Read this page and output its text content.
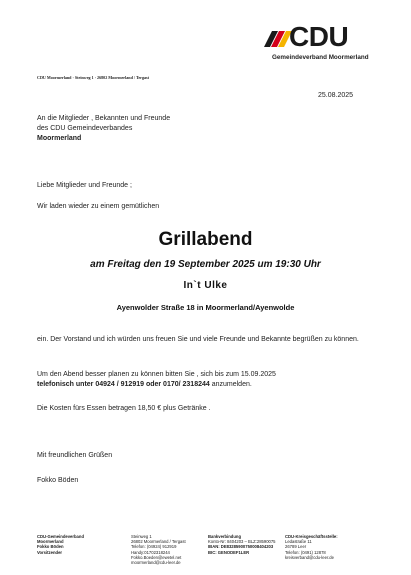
CDU
Gemeindeverband Moormerland
CDU Moormerland · Steinweg 1 · 26802 Moormerland / Tergast
25.08.2025
An die Mitglieder , Bekannten und Freunde
des CDU Gemeindeverbandes
Moormerland
Liebe Mitglieder und Freunde ;
Wir laden wieder zu einem gemütlichen
Grillabend
am Freitag den 19 September 2025 um 19:30 Uhr
In`t Ulke
Ayenwolder Straße 18 in Moormerland/Ayenwolde
ein. Der Vorstand und ich würden uns freuen Sie und viele Freunde und Bekannte begrüßen zu können.
Um den Abend besser planen zu können bitten Sie , sich bis zum 15.09.2025
telefonisch unter 04924 / 912919 oder 0170/ 2318244 anzumelden.
Die Kosten fürs Essen betragen 18,50 € plus Getränke .
Mit freundlichen Grüßen
Fokko Böden
CDU-Gemeindeverband
Moormerland
Fokko Böden
Vorsitzender
Steinweg 1
26802 Moormerland / Tergast
Telefon: (04924) 912919
Handy:01702318244
Fokko.Boeden@ewetel.net
moormerland@cdu-leer.de
Bankverbindung
Konto-Nr: 8404203 – BLZ:28590075
IBAN: DE83285900750008404203
BIC: GENODEF1LER
CDU-Kreisgeschäftsstelle:
Ledastraße 11
26789 Leer
Telefon: (0491) 12878
kreisverband@cdu-leer.de
